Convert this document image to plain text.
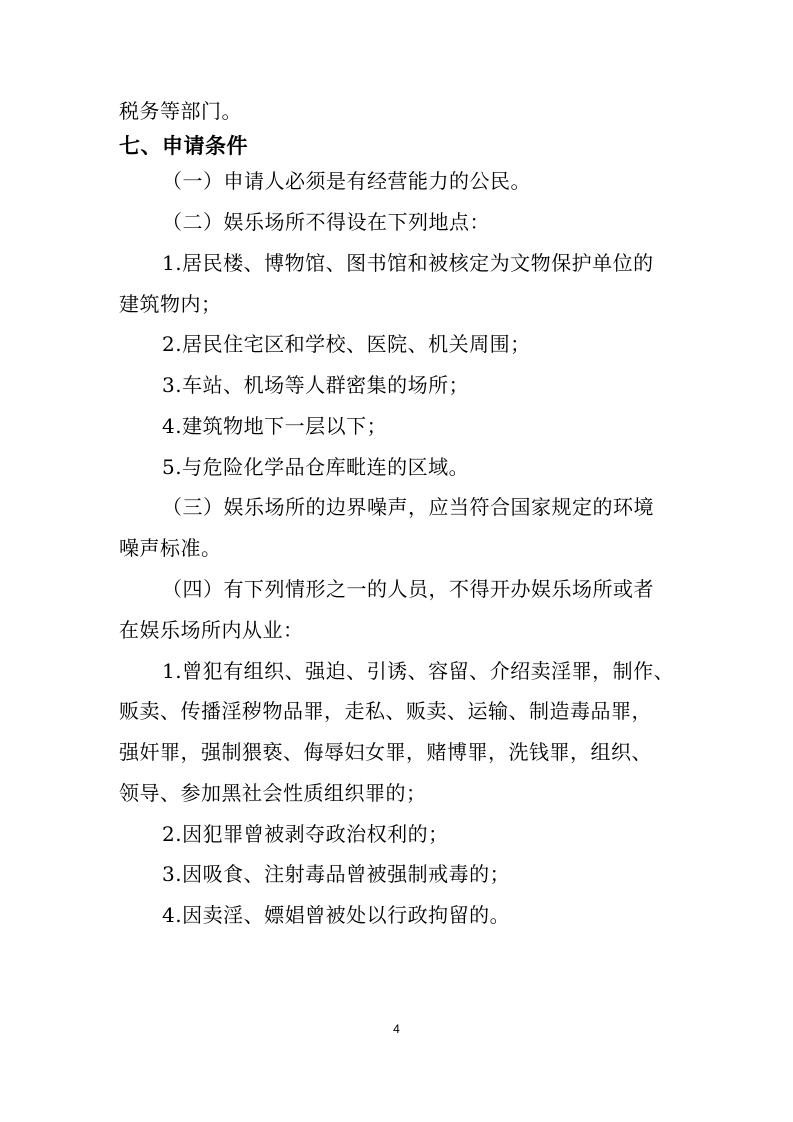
税务等部门。
七、申请条件
（一）申请人必须是有经营能力的公民。
（二）娱乐场所不得设在下列地点：
1.居民楼、博物馆、图书馆和被核定为文物保护单位的
建筑物内；
2.居民住宅区和学校、医院、机关周围；
3.车站、机场等人群密集的场所；
4.建筑物地下一层以下；
5.与危险化学品仓库毗连的区域。
（三）娱乐场所的边界噪声，应当符合国家规定的环境
噪声标准。
（四）有下列情形之一的人员，不得开办娱乐场所或者
在娱乐场所内从业：
1.曾犯有组织、强迫、引诱、容留、介绍卖淫罪，制作、
贩卖、传播淫秽物品罪，走私、贩卖、运输、制造毒品罪，
强奸罪，强制猥亵、侮辱妇女罪，赌博罪，洗钱罪，组织、
领导、参加黑社会性质组织罪的；
2.因犯罪曾被剥夺政治权利的；
3.因吸食、注射毒品曾被强制戒毒的；
4.因卖淫、嫖娼曾被处以行政拘留的。
4
